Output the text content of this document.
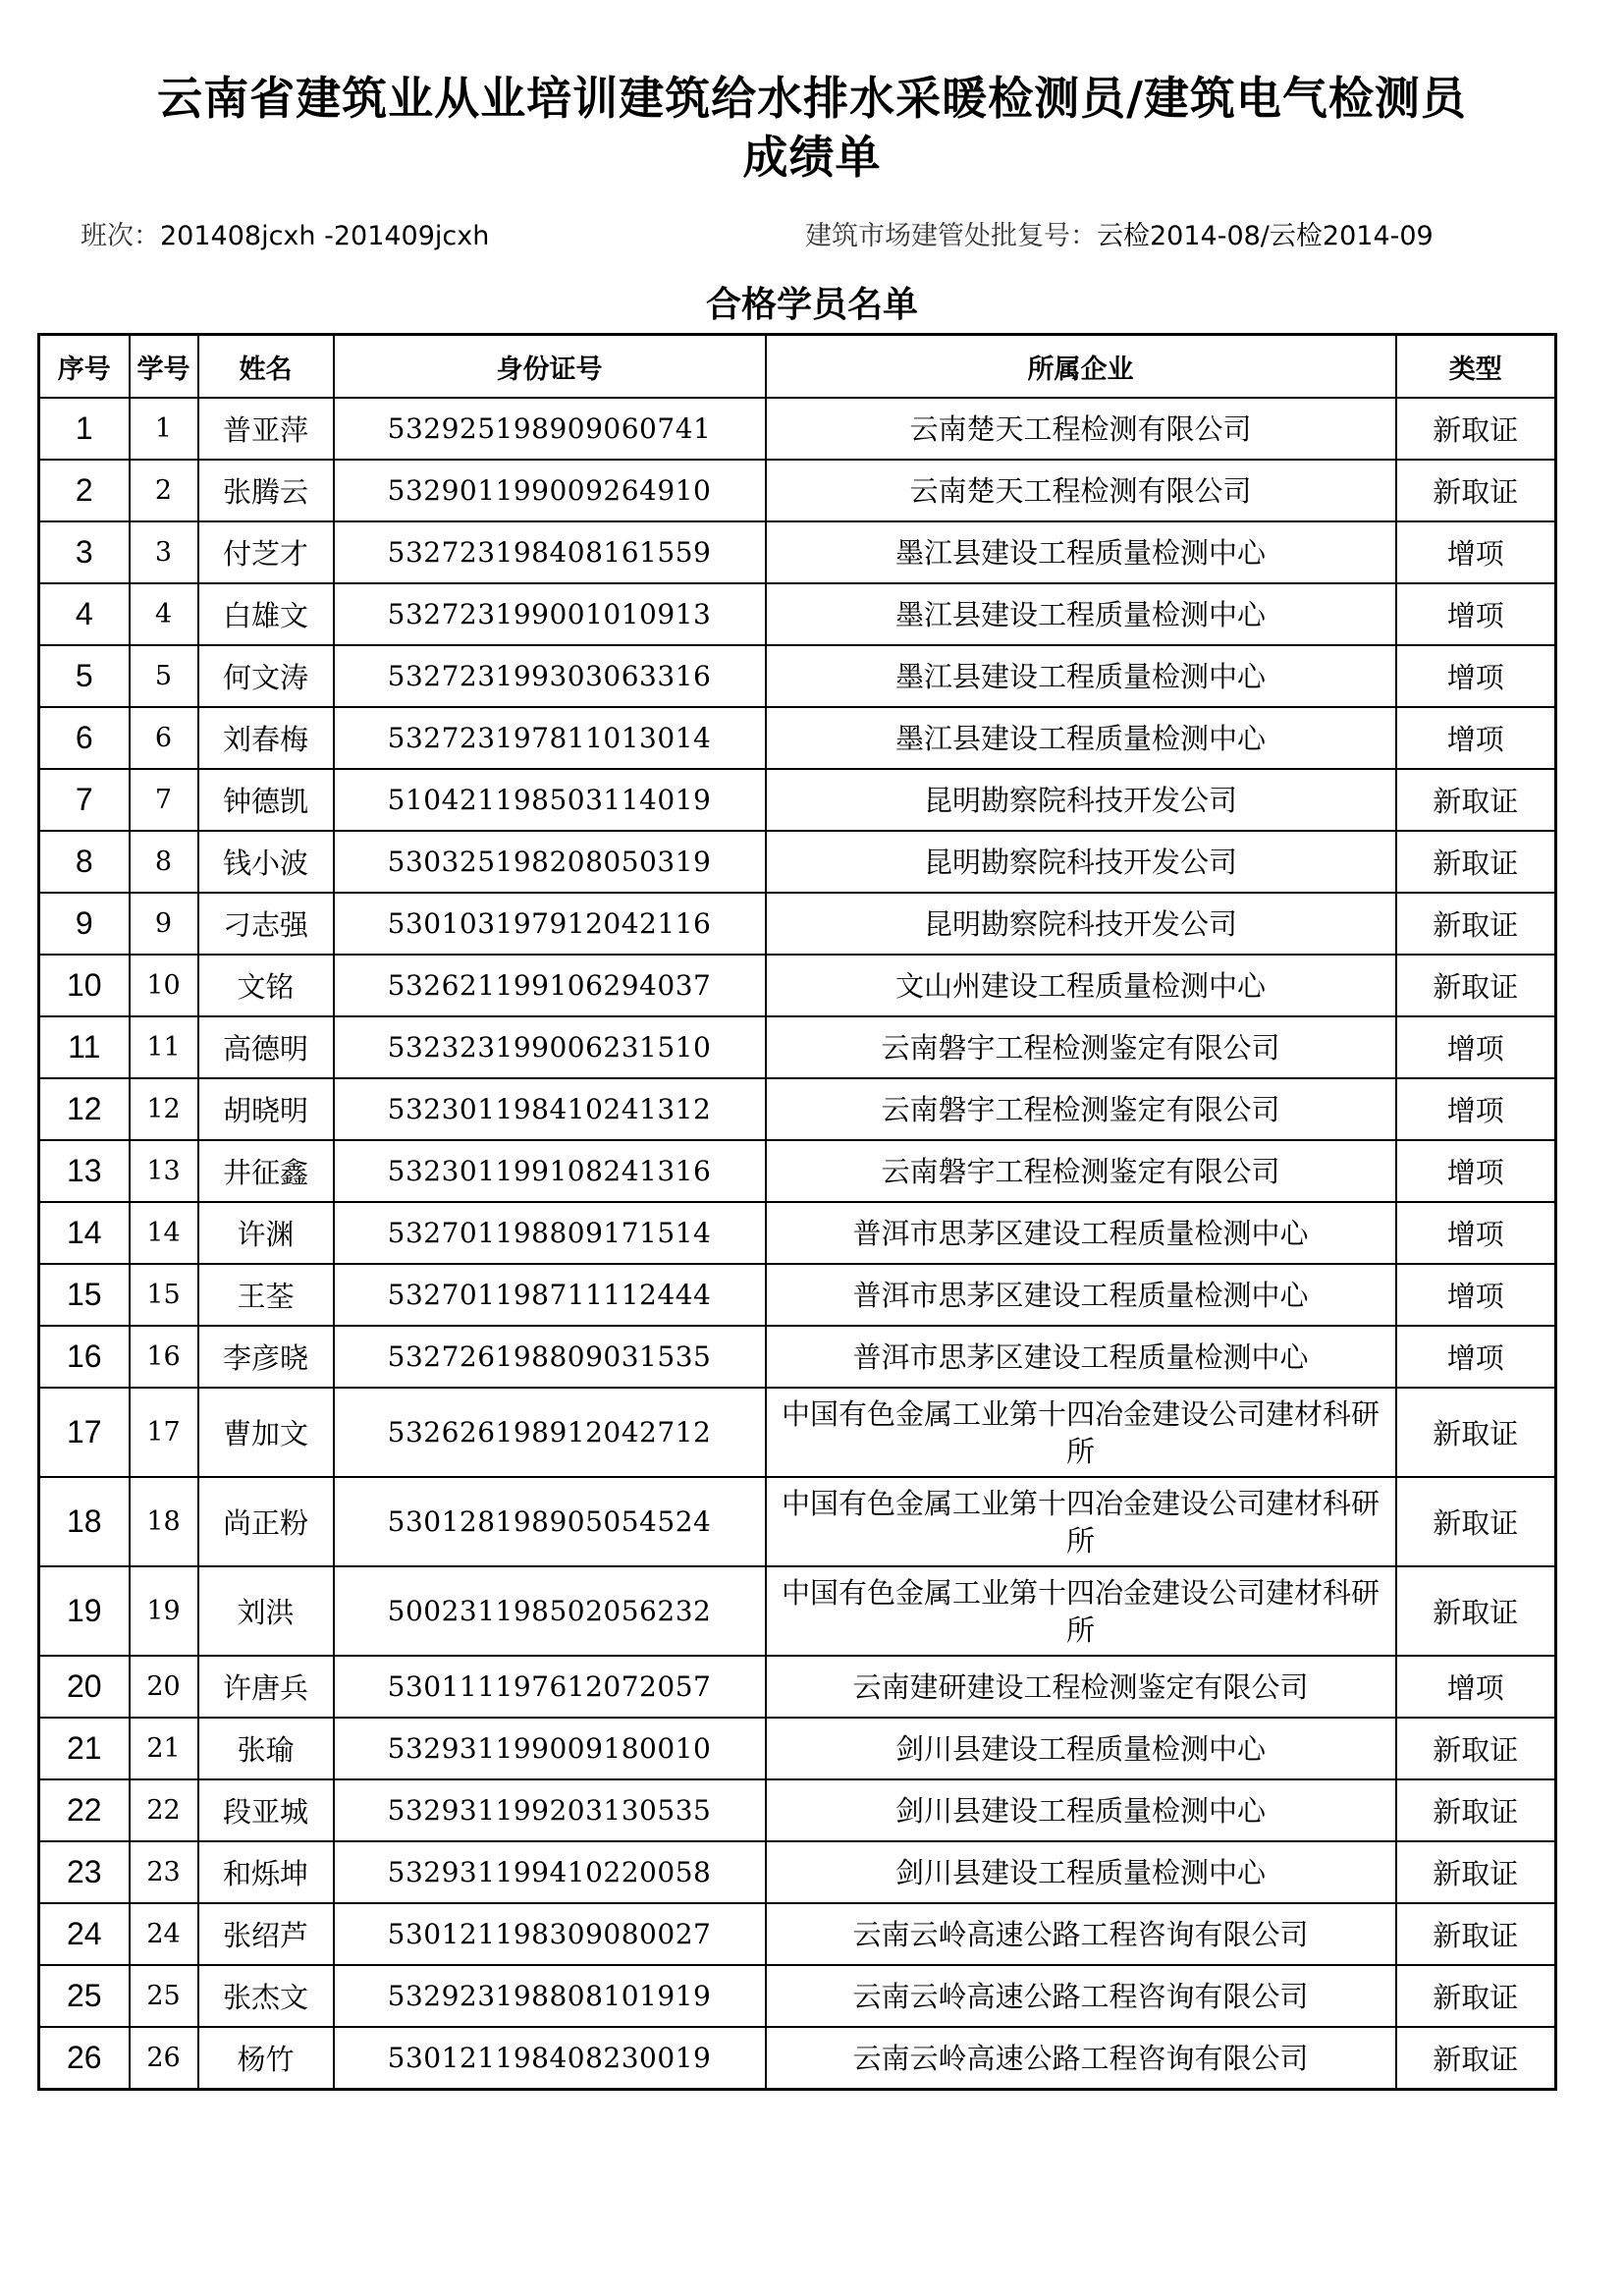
云南省建筑业从业培训建筑给水排水采暖检测员/建筑电气检测员
成绩单
班次：201408jcxh -201409jcxh	建筑市场建管处批复号：云检2014-08/云检2014-09
合格学员名单
序号	学号	姓名	身份证号	所属企业	类型
1	1	普亚萍	532925198909060741	云南楚天工程检测有限公司	新取证
2	2	张腾云	532901199009264910	云南楚天工程检测有限公司	新取证
3	3	付芝才	532723198408161559	墨江县建设工程质量检测中心	增项
4	4	白雄文	532723199001010913	墨江县建设工程质量检测中心	增项
5	5	何文涛	532723199303063316	墨江县建设工程质量检测中心	增项
6	6	刘春梅	532723197811013014	墨江县建设工程质量检测中心	增项
7	7	钟德凯	510421198503114019	昆明勘察院科技开发公司	新取证
8	8	钱小波	530325198208050319	昆明勘察院科技开发公司	新取证
9	9	刁志强	530103197912042116	昆明勘察院科技开发公司	新取证
10	10	文铭	532621199106294037	文山州建设工程质量检测中心	新取证
11	11	高德明	532323199006231510	云南磐宇工程检测鉴定有限公司	增项
12	12	胡晓明	532301198410241312	云南磐宇工程检测鉴定有限公司	增项
13	13	井征鑫	532301199108241316	云南磐宇工程检测鉴定有限公司	增项
14	14	许渊	532701198809171514	普洱市思茅区建设工程质量检测中心	增项
15	15	王荃	532701198711112444	普洱市思茅区建设工程质量检测中心	增项
16	16	李彦晓	532726198809031535	普洱市思茅区建设工程质量检测中心	增项
17	17	曹加文	532626198912042712	中国有色金属工业第十四冶金建设公司建材科研所	新取证
18	18	尚正粉	530128198905054524	中国有色金属工业第十四冶金建设公司建材科研所	新取证
19	19	刘洪	500231198502056232	中国有色金属工业第十四冶金建设公司建材科研所	新取证
20	20	许唐兵	530111197612072057	云南建研建设工程检测鉴定有限公司	增项
21	21	张瑜	532931199009180010	剑川县建设工程质量检测中心	新取证
22	22	段亚城	532931199203130535	剑川县建设工程质量检测中心	新取证
23	23	和烁坤	532931199410220058	剑川县建设工程质量检测中心	新取证
24	24	张绍芦	530121198309080027	云南云岭高速公路工程咨询有限公司	新取证
25	25	张杰文	532923198808101919	云南云岭高速公路工程咨询有限公司	新取证
26	26	杨竹	530121198408230019	云南云岭高速公路工程咨询有限公司	新取证
